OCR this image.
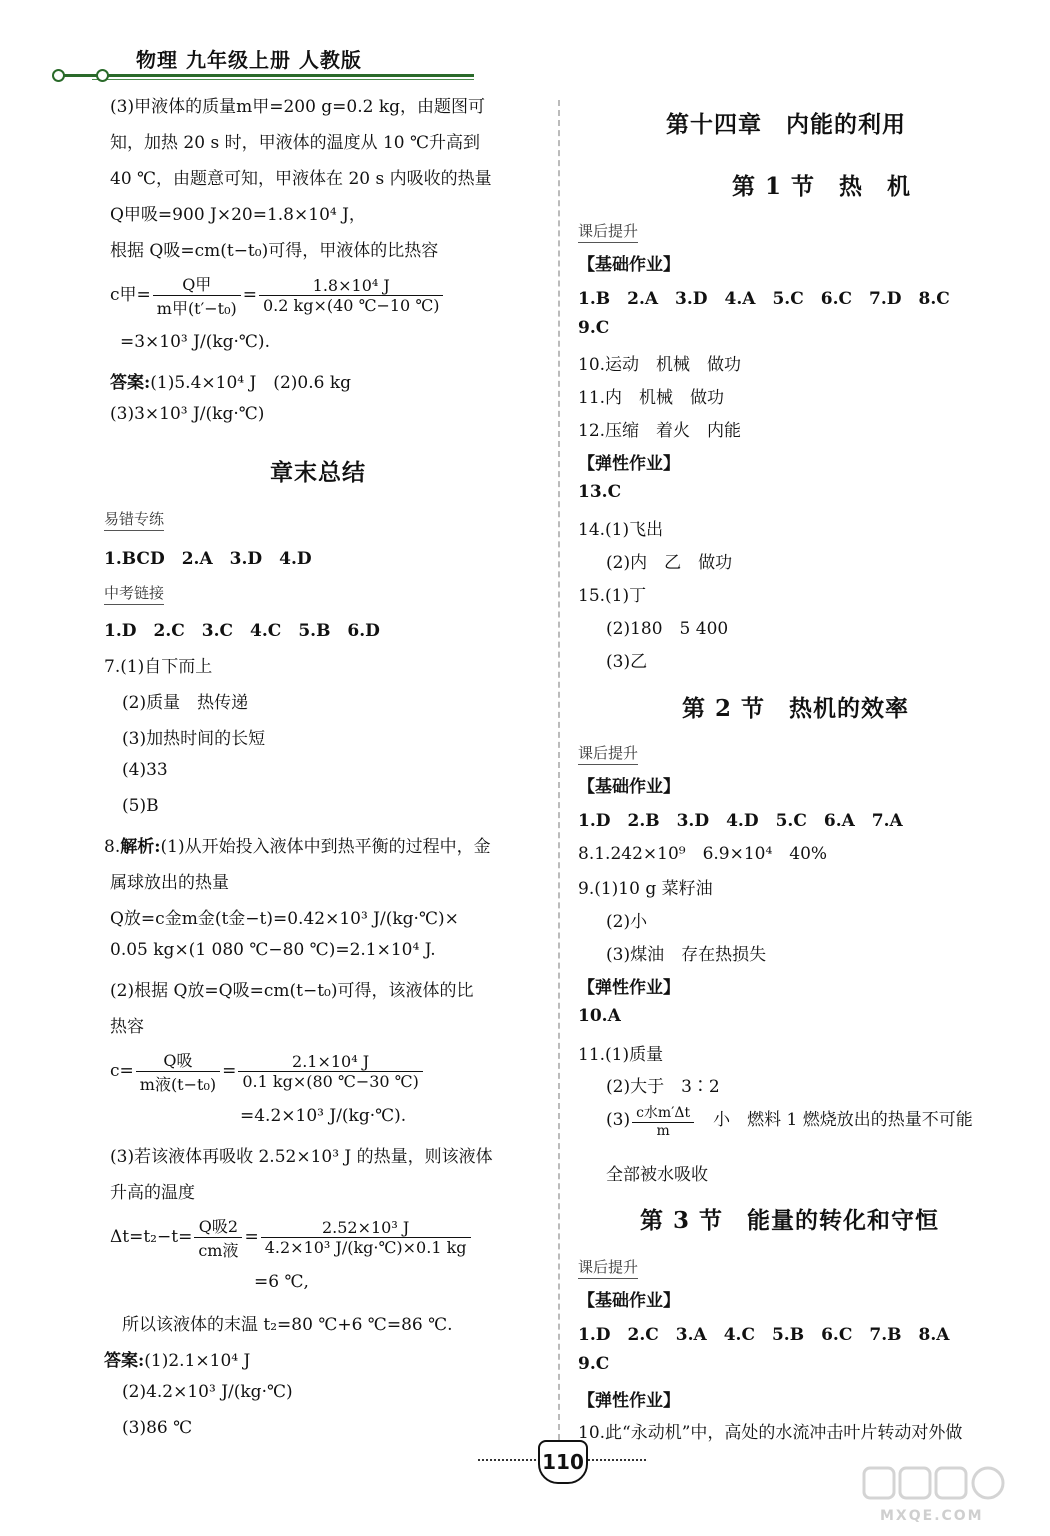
物理 九年级上册 人教版
(3)甲液体的质量m甲=200 g=0.2 kg，由题图可
知，加热 20 s 时，甲液体的温度从 10 ℃升高到
40 ℃，由题意可知，甲液体在 20 s 内吸收的热量
Q甲吸=900 J×20=1.8×10⁴ J，
根据 Q吸=cm(t−t₀)可得，甲液体的比热容
c甲= $\frac{\text{Q甲}}{\text{m甲(t′−t₀)}} = \frac{\text{1.8×10⁴ J}}{0.2 kg\times(40 ℃-10 ℃)}$
=3×10³ J/(kg·℃).
答案:(1)5.4×10⁴ J　(2)0.6 kg
(3)3×10³ J/(kg·℃)
章末总结
易错专练
1.BCD　2.A　3.D　4.D
中考链接
1.D　2.C　3.C　4.C　5.B　6.D
7.(1)自下而上
(2)质量　热传递
(3)加热时间的长短
(4)33
(5)B
8.解析:(1)从开始投入液体中到热平衡的过程中，金
属球放出的热量
Q放=c金m金(t金−t)=0.42×10³ J/(kg·℃)×
0.05 kg×(1 080 ℃−80 ℃)=2.1×10⁴ J.
(2)根据 Q放=Q吸=cm(t−t₀)可得，该液体的比
热容
$c= \frac{\text{Q吸}}{\text{m液(t−t₀)}} = \frac{\text{2.1×10⁴ J}}{0.1 kg\times(80 ℃-30 ℃)}$
=4.2×10³ J/(kg·℃).
(3)若该液体再吸收 2.52×10³ J 的热量，则该液体
升高的温度
$\Delta t=t_2-t= \frac{\text{Q吸2}}{\text{cm液}} = \frac{\text{2.52×10³ J}}{\text{4.2×10³ J/(kg·℃)×0.1 kg}}$
=6 ℃,
所以该液体的末温 t₂=80 ℃+6 ℃=86 ℃.
答案:(1)2.1×10⁴ J
(2)4.2×10³ J/(kg·℃)
(3)86 ℃
第十四章　内能的利用
第 1 节　热　机
课后提升
【基础作业】
1.B　2.A　3.D　4.A　5.C　6.C　7.D　8.C
9.C
10.运动　机械　做功
11.内　机械　做功
12.压缩　着火　内能
【弹性作业】
13.C
14.(1)飞出
(2)内　乙　做功
15.(1)丁
(2)180　5 400
(3)乙
第 2 节　热机的效率
课后提升
【基础作业】
1.D　2.B　3.D　4.D　5.C　6.A　7.A
8.1.242×10⁹　6.9×10⁴　40%
9.(1)10 g 菜籽油
(2)小
(3)煤油　存在热损失
【弹性作业】
10.A
11.(1)质量
(2)大于　3∶2
$(3) \frac{\text{c水m′Δt}}{m}$
　 小　燃料 1 燃烧放出的热量不可能
全部被水吸收
第 3 节　能量的转化和守恒
课后提升
【基础作业】
1.D　2.C　3.A　4.C　5.B　6.C　7.B　8.A
9.C
【弹性作业】
10.此“永动机”中，高处的水流冲击叶片转动对外做
110
MXQE.COM
